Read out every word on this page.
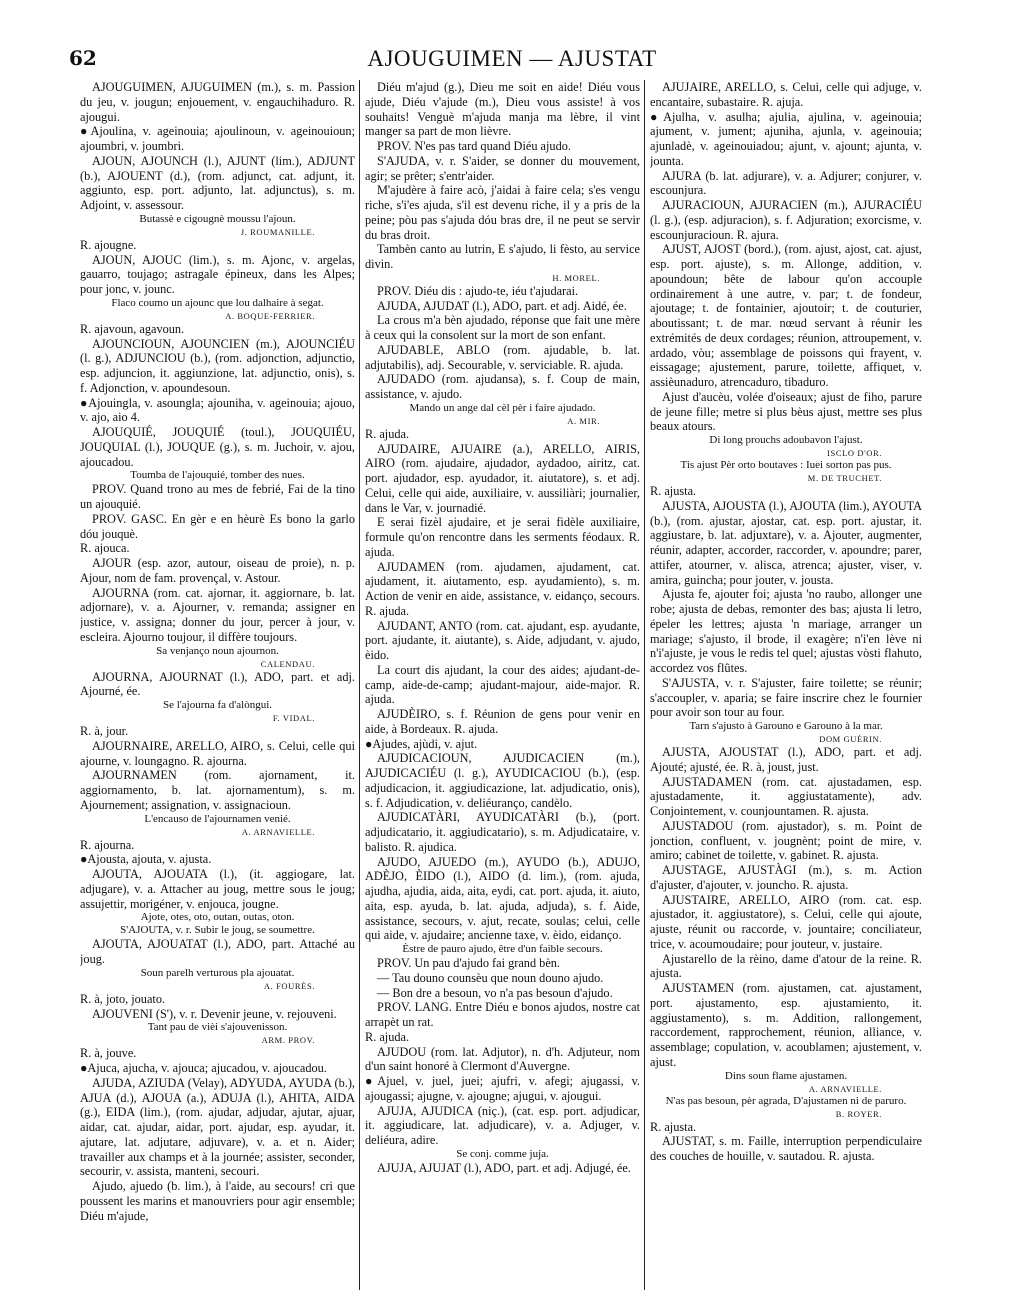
62	AJOUGUIMEN — AJUSTAT

AJOUGUIMEN, AJUGUIMEN (m.), s. m. Passion du jeu, v. jougun; enjouement, v. engauchihaduro. R. ajougui.

●Ajoulina, v. ageinouia; ajoulinoun, v. ageinouioun; ajoumbri, v. joumbri.

AJOUN, AJOUNCH (l.), AJUNT (lim.), ADJUNT (b.), AJOUENT (d.), (rom. adjunct, cat. adjunt, it. aggiunto, esp. port. adjunto, lat. adjunctus), s. m. Adjoint, v. assessour.

Butassè e cigougnè moussu l'ajoun.

J. ROUMANILLE.

R. ajougne.

AJOUN, AJOUC (lim.), s. m. Ajonc, v. argelas, gauarro, toujago; astragale épineux, dans les Alpes; pour jonc, v. jounc.

Flaco coumo un ajounc que lou dalhaire à segat.

A. BOQUE-FERRIER.

R. ajavoun, agavoun.

AJOUNCIOUN, AJOUNCIEN (m.), AJOUNCIÉU (l. g.), ADJUNCIOU (b.), (rom. adjonction, adjunctio, esp. adjuncion, it. aggiunzione, lat. adjunctio, onis), s. f. Adjonction, v. apoundesoun.

●Ajouingla, v. asoungla; ajouniha, v. ageinouia; ajouo, v. ajo, aio 4.

AJOUQUIÉ, JOUQUIÉ (toul.), JOUQUIÉU, JOUQUIAL (l.), JOUQUE (g.), s. m. Juchoir, v. ajou, ajoucadou.

Toumba de l'ajouquié, tomber des nues.

PROV. Quand trono au mes de febrié, Fai de la tino un ajouquié.

PROV. GASC. En gèr e en hèurè Es bono la garlo dóu jouquè.

R. ajouca.

AJOUR (esp. azor, autour, oiseau de proie), n. p. Ajour, nom de fam. provençal, v. Astour.

AJOURNA (rom. cat. ajornar, it. aggiornare, b. lat. adjornare), v. a. Ajourner, v. remanda; assigner en justice, v. assigna; donner du jour, percer à jour, v. escleira. Ajourno toujour, il diffère toujours.

Sa venjanço noun ajournon.

CALENDAU.

AJOURNA, AJOURNAT (l.), ADO, part. et adj. Ajourné, ée.

Se l'ajourna fa d'alòngui.

F. VIDAL.

R. à, jour.

AJOURNAIRE, ARELLO, AIRO, s. Celui, celle qui ajourne, v. loungagno. R. ajourna.

AJOURNAMEN (rom. ajornament, it. aggiornamento, b. lat. ajornamentum), s. m. Ajournement; assignation, v. assignacioun.

L'encauso de l'ajournamen venié.

A. ARNAVIELLE.

R. ajourna.

●Ajousta, ajouta, v. ajusta.

AJOUTA, AJOUATA (l.), (it. aggiogare, lat. adjugare), v. a. Attacher au joug, mettre sous le joug; assujettir, morigéner, v. enjouca, jougne.

Ajote, otes, oto, outan, outas, oton.

S'AJOUTA, v. r. Subir le joug, se soumettre.

AJOUTA, AJOUATAT (l.), ADO, part. Attaché au joug.

Soun parelh verturous pla ajouatat.

A. FOURÈS.

R. à, joto, jouato.

AJOUVENI (S'), v. r. Devenir jeune, v. rejouveni.

Tant pau de vièi s'ajouvenisson.

ARM. PROV.

R. à, jouve.

●Ajuca, ajucha, v. ajouca; ajucadou, v. ajoucadou.

AJUDA, AZIUDA (Velay), ADYUDA, AYUDA (b.), AJUA (d.), AJOUA (a.), ADUJA (l.), AHITA, AIDA (g.), EIDA (lim.), (rom. ajudar, adjudar, ajutar, ajuar, aidar, cat. ajudar, aidar, port. ajudar, esp. ayudar, it. ajutare, lat. adjutare, adjuvare), v. a. et n. Aider; travailler aux champs et à la journée; assister, seconder, secourir, v. assista, manteni, secouri.

Ajudo, ajuedo (b. lim.), à l'aide, au secours! cri que poussent les marins et manouvriers pour agir ensemble; Diéu m'ajude,

Diéu m'ajud (g.), Dieu me soit en aide! Diéu vous ajude, Diéu v'ajude (m.), Dieu vous assiste! à vos souhaits! Venguè m'ajuda manja ma lèbre, il vint manger sa part de mon lièvre.

PROV. N'es pas tard quand Diéu ajudo.

S'AJUDA, v. r. S'aider, se donner du mouvement, agir; se prêter; s'entr'aider.

M'ajudère à faire acò, j'aidai à faire cela; s'es vengu riche, s'i'es ajuda, s'il est devenu riche, il y a pris de la peine; pòu pas s'ajuda dóu bras dre, il ne peut se servir du bras droit.

Tambèn canto au lutrin, E s'ajudo, li fèsto, au service divin.

H. MOREL.

PROV. Diéu dis : ajudo-te, iéu t'ajudarai.

AJUDA, AJUDAT (l.), ADO, part. et adj. Aidé, ée.

La crous m'a bèn ajudado, réponse que fait une mère à ceux qui la consolent sur la mort de son enfant.

AJUDABLE, ABLO (rom. ajudable, b. lat. adjutabilis), adj. Secourable, v. serviciable. R. ajuda.

AJUDADO (rom. ajudansa), s. f. Coup de main, assistance, v. ajudo.

Mando un ange dal cèl pèr i faire ajudado.

A. MIR.

R. ajuda.

AJUDAIRE, AJUAIRE (a.), ARELLO, AIRIS, AIRO (rom. ajudaire, ajudador, aydadoo, airitz, cat. port. ajudador, esp. ayudador, it. aiutatore), s. et adj. Celui, celle qui aide, auxiliaire, v. aussiliàri; journalier, dans le Var, v. journadié.

E serai fizèl ajudaire, et je serai fidèle auxiliaire, formule qu'on rencontre dans les serments féodaux. R. ajuda.

AJUDAMEN (rom. ajudamen, ajudament, cat. ajudament, it. aiutamento, esp. ayudamiento), s. m. Action de venir en aide, assistance, v. eidanço, secours. R. ajuda.

AJUDANT, ANTO (rom. cat. ajudant, esp. ayudante, port. ajudante, it. aiutante), s. Aide, adjudant, v. ajudo, èido.

La court dis ajudant, la cour des aides; ajudant-de-camp, aide-de-camp; ajudant-majour, aide-major. R. ajuda.

AJUDÈIRO, s. f. Réunion de gens pour venir en aide, à Bordeaux. R. ajuda.

●Ajudes, ajùdi, v. ajut.

AJUDICACIOUN, AJUDICACIEN (m.), AJUDICACIÉU (l. g.), AYUDICACIOU (b.), (esp. adjudicacion, it. aggiudicazione, lat. adjudicatio, onis), s. f. Adjudication, v. deliéuranço, candèlo.

AJUDICATÀRI, AYUDICATÀRI (b.), (port. adjudicatario, it. aggiudicatario), s. m. Adjudicataire, v. balisto. R. ajudica.

AJUDO, AJUEDO (m.), AYUDO (b.), ADUJO, ADÈJO, ÈIDO (l.), AIDO (d. lim.), (rom. ajuda, ajudha, ajudia, aida, aita, eydi, cat. port. ajuda, it. aiuto, aita, esp. ayuda, b. lat. ajuda, adjuda), s. f. Aide, assistance, secours, v. ajut, recate, soulas; celui, celle qui aide, v. ajudaire; ancienne taxe, v. èido, eidanço.

Èstre de pauro ajudo, être d'un faible secours.

PROV. Un pau d'ajudo fai grand bèn.

— Tau douno counsèu que noun douno ajudo.

— Bon dre a besoun, vo n'a pas besoun d'ajudo.

PROV. LANG. Entre Diéu e bonos ajudos, nostre cat arrapèt un rat.

R. ajuda.

AJUDOU (rom. lat. Adjutor), n. d'h. Adjuteur, nom d'un saint honoré à Clermont d'Auvergne.

●Ajuel, v. juel, juei; ajufri, v. afegi; ajugassi, v. ajougassi; ajugne, v. ajougne; ajugui, v. ajougui.

AJUJA, AJUDICA (niç.), (cat. esp. port. adjudicar, it. aggiudicare, lat. adjudicare), v. a. Adjuger, v. deliéura, adire.

Se conj. comme juja.

AJUJA, AJUJAT (l.), ADO, part. et adj. Adjugé, ée.

AJUJAIRE, ARELLO, s. Celui, celle qui adjuge, v. encantaire, subastaire. R. ajuja.

●Ajulha, v. asulha; ajulia, ajulina, v. ageinouia; ajument, v. jument; ajuniha, ajunla, v. ageinouia; ajunladè, v. ageinouiadou; ajunt, v. ajount; ajunta, v. jounta.

AJURA (b. lat. adjurare), v. a. Adjurer; conjurer, v. escounjura.

AJURACIOUN, AJURACIEN (m.), AJURACIÉU (l. g.), (esp. adjuracion), s. f. Adjuration; exorcisme, v. escounjuracioun. R. ajura.

AJUST, AJOST (bord.), (rom. ajust, ajost, cat. ajust, esp. port. ajuste), s. m. Allonge, addition, v. apoundoun; bête de labour qu'on accouple ordinairement à une autre, v. par; t. de fondeur, ajoutage; t. de fontainier, ajoutoir; t. de couturier, aboutissant; t. de mar. nœud servant à réunir les extrémités de deux cordages; réunion, attroupement, v. ardado, vòu; assemblage de poissons qui frayent, v. eissagage; ajustement, parure, toilette, affiquet, v. assièunaduro, atrencaduro, tibaduro.

Ajust d'aucèu, volée d'oiseaux; ajust de fiho, parure de jeune fille; metre si plus bèus ajust, mettre ses plus beaux atours.

Di long prouchs adoubavon l'ajust.

ISCLO D'OR.

Tis ajust Pèr orto boutaves : Iuei sorton pas pus.

M. DE TRUCHET.

R. ajusta.

AJUSTA, AJOUSTA (l.), AJOUTA (lim.), AYOUTA (b.), (rom. ajustar, ajostar, cat. esp. port. ajustar, it. aggiustare, b. lat. adjuxtare), v. a. Ajouter, augmenter, réunir, adapter, accorder, raccorder, v. apoundre; parer, attifer, atourner, v. alisca, atrenca; ajuster, viser, v. amira, guincha; pour jouter, v. jousta.

Ajusta fe, ajouter foi; ajusta 'no raubo, allonger une robe; ajusta de debas, remonter des bas; ajusta li letro, épeler les lettres; ajusta 'n mariage, arranger un mariage; s'ajusto, il brode, il exagère; n'i'en lève ni n'i'ajuste, je vous le redis tel quel; ajustas vòsti flahuto, accordez vos flûtes.

S'AJUSTA, v. r. S'ajuster, faire toilette; se réunir; s'accoupler, v. aparia; se faire inscrire chez le fournier pour avoir son tour au four.

Tarn s'ajusto à Garouno e Garouno à la mar.

DOM GUÉRIN.

AJUSTA, AJOUSTAT (l.), ADO, part. et adj. Ajouté; ajusté, ée. R. à, joust, just.

AJUSTADAMEN (rom. cat. ajustadamen, esp. ajustadamente, it. aggiustatamente), adv. Conjointement, v. counjountamen. R. ajusta.

AJUSTADOU (rom. ajustador), s. m. Point de jonction, confluent, v. jougnènt; point de mire, v. amiro; cabinet de toilette, v. gabinet. R. ajusta.

AJUSTAGE, AJUSTÀGI (m.), s. m. Action d'ajuster, d'ajouter, v. jouncho. R. ajusta.

AJUSTAIRE, ARELLO, AIRO (rom. cat. esp. ajustador, it. aggiustatore), s. Celui, celle qui ajoute, ajuste, réunit ou raccorde, v. jountaire; conciliateur, trice, v. acoumoudaire; pour jouteur, v. justaire.

Ajustarello de la rèino, dame d'atour de la reine. R. ajusta.

AJUSTAMEN (rom. ajustamen, cat. ajustament, port. ajustamento, esp. ajustamiento, it. aggiustamento), s. m. Addition, rallongement, raccordement, rapprochement, réunion, alliance, v. assemblage; copulation, v. acoublamen; ajustement, v. ajust.

Dins soun flame ajustamen.

A. ARNAVIELLE.

N'as pas besoun, pèr agrada, D'ajustamen ni de paruro.

B. ROYER.

R. ajusta.

AJUSTAT, s. m. Faille, interruption perpendiculaire des couches de houille, v. sautadou. R. ajusta.
